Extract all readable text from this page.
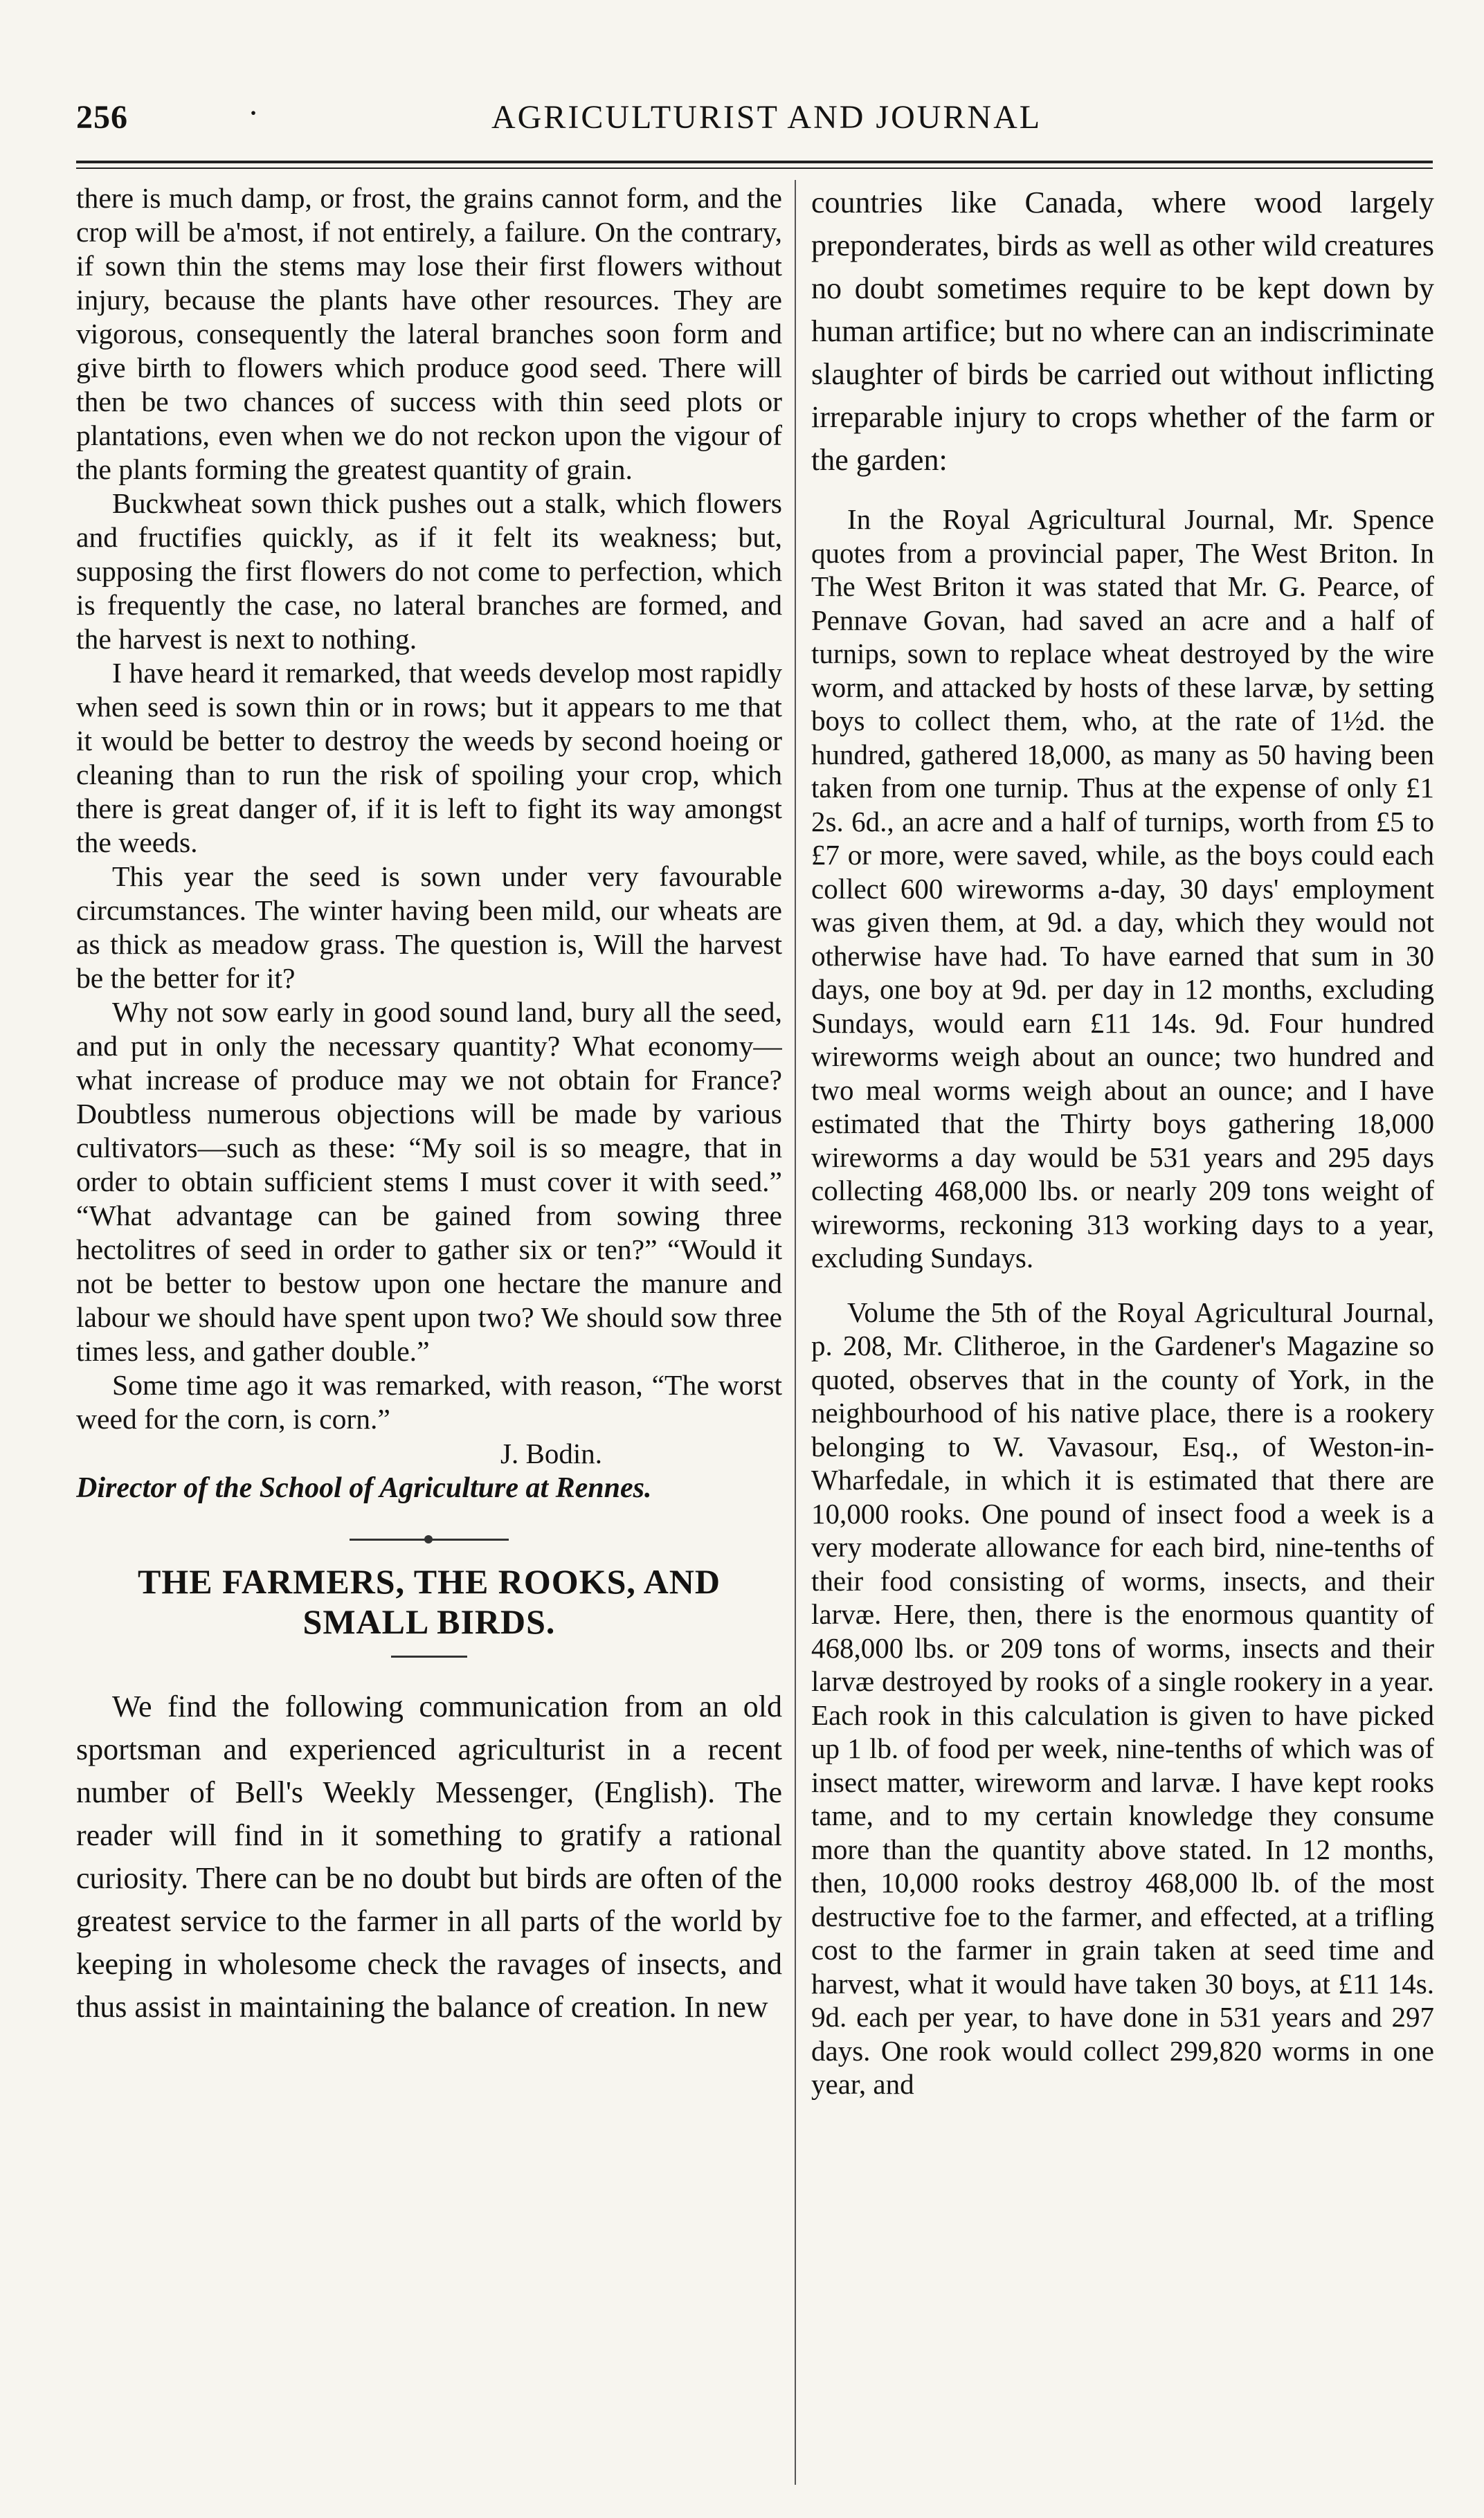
256	·	AGRICULTURIST AND JOURNAL

there is much damp, or frost, the grains cannot form, and the crop will be a'most, if not entirely, a failure. On the contrary, if sown thin the stems may lose their first flowers without injury, because the plants have other resources. They are vigorous, consequently the lateral branches soon form and give birth to flowers which produce good seed. There will then be two chances of success with thin seed plots or plantations, even when we do not reckon upon the vigour of the plants forming the greatest quantity of grain.

Buckwheat sown thick pushes out a stalk, which flowers and fructifies quickly, as if it felt its weakness; but, supposing the first flowers do not come to perfection, which is frequently the case, no lateral branches are formed, and the harvest is next to nothing.

I have heard it remarked, that weeds develop most rapidly when seed is sown thin or in rows; but it appears to me that it would be better to destroy the weeds by second hoeing or cleaning than to run the risk of spoiling your crop, which there is great danger of, if it is left to fight its way amongst the weeds.

This year the seed is sown under very favourable circumstances. The winter having been mild, our wheats are as thick as meadow grass. The question is, Will the harvest be the better for it?

Why not sow early in good sound land, bury all the seed, and put in only the necessary quantity? What economy—what increase of produce may we not obtain for France? Doubtless numerous objections will be made by various cultivators—such as these: “My soil is so meagre, that in order to obtain sufficient stems I must cover it with seed.” “What advantage can be gained from sowing three hectolitres of seed in order to gather six or ten?” “Would it not be better to bestow upon one hectare the manure and labour we should have spent upon two? We should sow three times less, and gather double.”

Some time ago it was remarked, with reason, “The worst weed for the corn, is corn.”

J. Bodin.

Director of the School of Agriculture at Rennes.

THE FARMERS, THE ROOKS, AND

SMALL BIRDS.

We find the following communication from an old sportsman and experienced agriculturist in a recent number of Bell's Weekly Messenger, (English). The reader will find in it something to gratify a rational curiosity. There can be no doubt but birds are often of the greatest service to the farmer in all parts of the world by keeping in wholesome check the ravages of insects, and thus assist in maintaining the balance of creation. In new

countries like Canada, where wood largely preponderates, birds as well as other wild creatures no doubt sometimes require to be kept down by human artifice; but no where can an indiscriminate slaughter of birds be carried out without inflicting irreparable injury to crops whether of the farm or the garden:

In the Royal Agricultural Journal, Mr. Spence quotes from a provincial paper, The West Briton. In The West Briton it was stated that Mr. G. Pearce, of Pennave Govan, had saved an acre and a half of turnips, sown to replace wheat destroyed by the wire worm, and attacked by hosts of these larvæ, by setting boys to collect them, who, at the rate of 1½d. the hundred, gathered 18,000, as many as 50 having been taken from one turnip. Thus at the expense of only £1 2s. 6d., an acre and a half of turnips, worth from £5 to £7 or more, were saved, while, as the boys could each collect 600 wireworms a-day, 30 days' employment was given them, at 9d. a day, which they would not otherwise have had. To have earned that sum in 30 days, one boy at 9d. per day in 12 months, excluding Sundays, would earn £11 14s. 9d. Four hundred wireworms weigh about an ounce; two hundred and two meal worms weigh about an ounce; and I have estimated that the Thirty boys gathering 18,000 wireworms a day would be 531 years and 295 days collecting 468,000 lbs. or nearly 209 tons weight of wireworms, reckoning 313 working days to a year, excluding Sundays.

Volume the 5th of the Royal Agricultural Journal, p. 208, Mr. Clitheroe, in the Gardener's Magazine so quoted, observes that in the county of York, in the neighbourhood of his native place, there is a rookery belonging to W. Vavasour, Esq., of Weston-in-Wharfedale, in which it is estimated that there are 10,000 rooks. One pound of insect food a week is a very moderate allowance for each bird, nine-tenths of their food consisting of worms, insects, and their larvæ. Here, then, there is the enormous quantity of 468,000 lbs. or 209 tons of worms, insects and their larvæ destroyed by rooks of a single rookery in a year. Each rook in this calculation is given to have picked up 1 lb. of food per week, nine-tenths of which was of insect matter, wireworm and larvæ. I have kept rooks tame, and to my certain knowledge they consume more than the quantity above stated. In 12 months, then, 10,000 rooks destroy 468,000 lb. of the most destructive foe to the farmer, and effected, at a trifling cost to the farmer in grain taken at seed time and harvest, what it would have taken 30 boys, at £11 14s. 9d. each per year, to have done in 531 years and 297 days. One rook would collect 299,820 worms in one year, and
